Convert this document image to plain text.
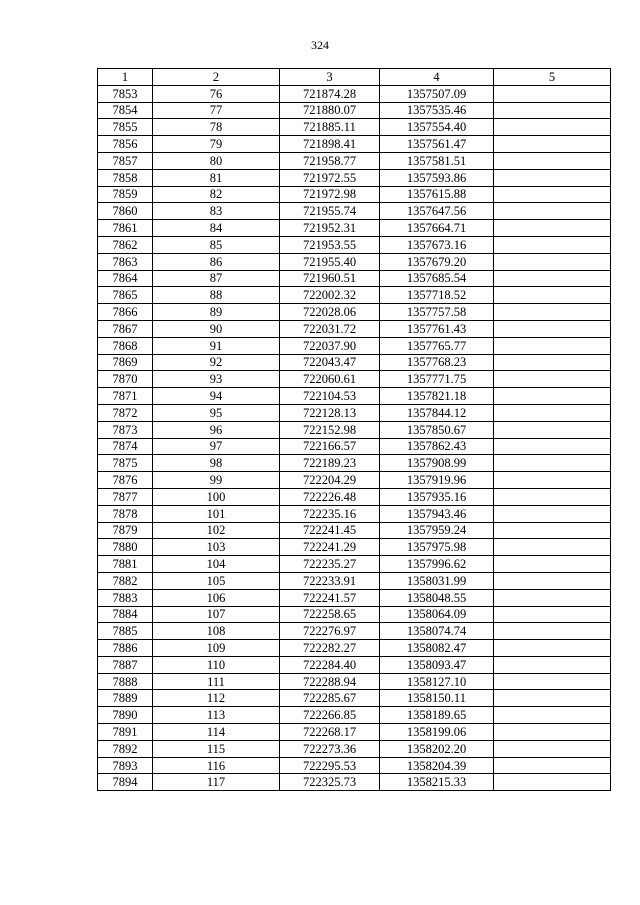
324
1	2	3	4	5
7853	76	721874.28	1357507.09	
7854	77	721880.07	1357535.46	
7855	78	721885.11	1357554.40	
7856	79	721898.41	1357561.47	
7857	80	721958.77	1357581.51	
7858	81	721972.55	1357593.86	
7859	82	721972.98	1357615.88	
7860	83	721955.74	1357647.56	
7861	84	721952.31	1357664.71	
7862	85	721953.55	1357673.16	
7863	86	721955.40	1357679.20	
7864	87	721960.51	1357685.54	
7865	88	722002.32	1357718.52	
7866	89	722028.06	1357757.58	
7867	90	722031.72	1357761.43	
7868	91	722037.90	1357765.77	
7869	92	722043.47	1357768.23	
7870	93	722060.61	1357771.75	
7871	94	722104.53	1357821.18	
7872	95	722128.13	1357844.12	
7873	96	722152.98	1357850.67	
7874	97	722166.57	1357862.43	
7875	98	722189.23	1357908.99	
7876	99	722204.29	1357919.96	
7877	100	722226.48	1357935.16	
7878	101	722235.16	1357943.46	
7879	102	722241.45	1357959.24	
7880	103	722241.29	1357975.98	
7881	104	722235.27	1357996.62	
7882	105	722233.91	1358031.99	
7883	106	722241.57	1358048.55	
7884	107	722258.65	1358064.09	
7885	108	722276.97	1358074.74	
7886	109	722282.27	1358082.47	
7887	110	722284.40	1358093.47	
7888	111	722288.94	1358127.10	
7889	112	722285.67	1358150.11	
7890	113	722266.85	1358189.65	
7891	114	722268.17	1358199.06	
7892	115	722273.36	1358202.20	
7893	116	722295.53	1358204.39	
7894	117	722325.73	1358215.33	
